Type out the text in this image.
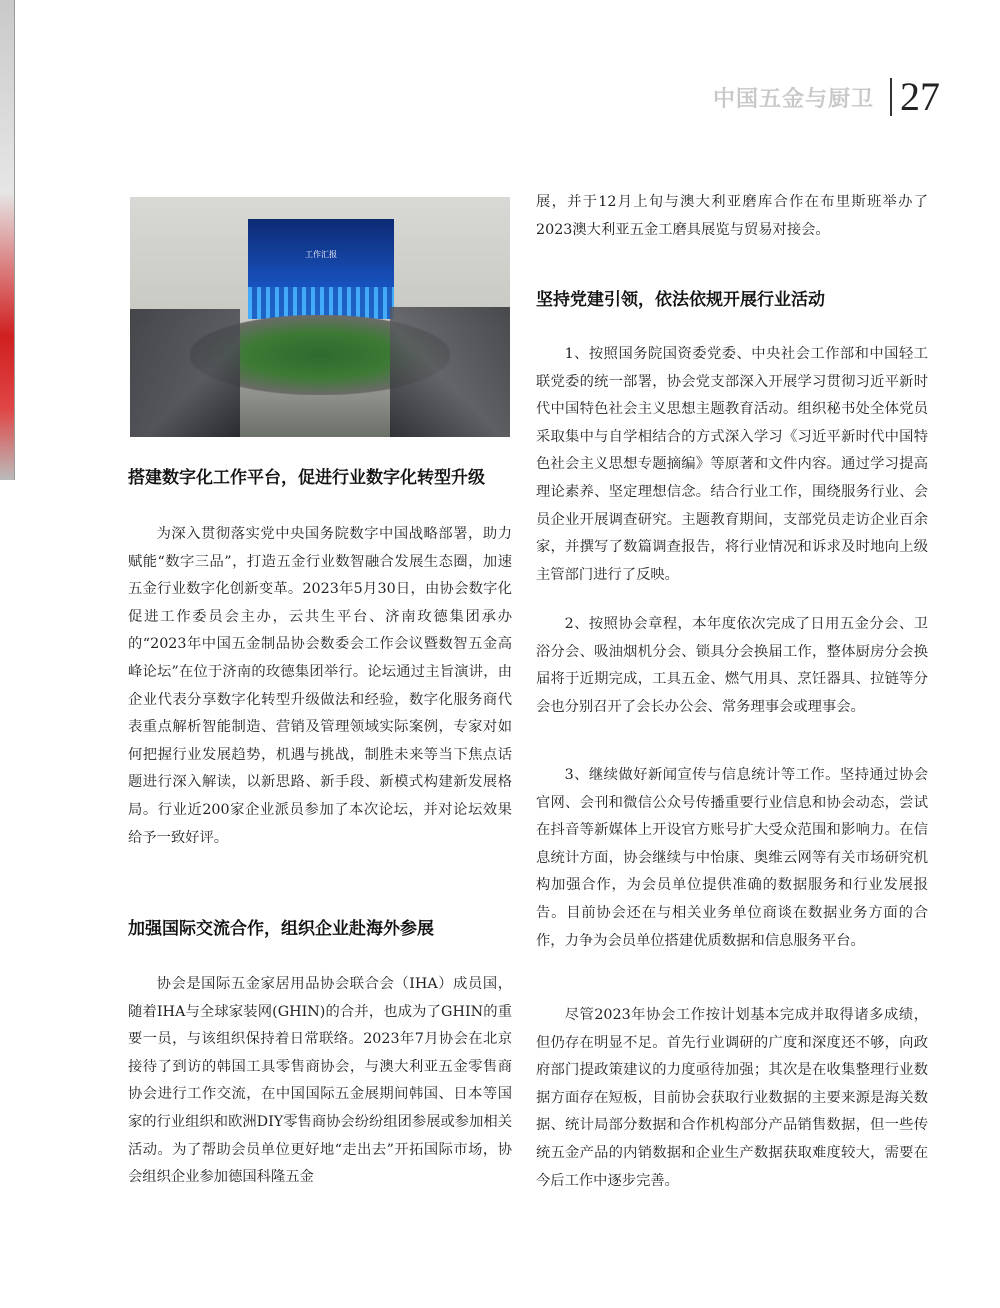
中国五金与厨卫 27
工作汇报
搭建数字化工作平台，促进行业数字化转型升级

为深入贯彻落实党中央国务院数字中国战略部署，助力赋能“数字三品”，打造五金行业数智融合发展生态圈，加速五金行业数字化创新变革。2023年5月30日，由协会数字化促进工作委员会主办，云共生平台、济南玫德集团承办的“2023年中国五金制品协会数委会工作会议暨数智五金高峰论坛”在位于济南的玫德集团举行。论坛通过主旨演讲，由企业代表分享数字化转型升级做法和经验，数字化服务商代表重点解析智能制造、营销及管理领域实际案例，专家对如何把握行业发展趋势，机遇与挑战，制胜未来等当下焦点话题进行深入解读，以新思路、新手段、新模式构建新发展格局。行业近200家企业派员参加了本次论坛，并对论坛效果给予一致好评。

加强国际交流合作，组织企业赴海外参展

协会是国际五金家居用品协会联合会（IHA）成员国，随着IHA与全球家装网(GHIN)的合并，也成为了GHIN的重要一员，与该组织保持着日常联络。2023年7月协会在北京接待了到访的韩国工具零售商协会，与澳大利亚五金零售商协会进行工作交流，在中国国际五金展期间韩国、日本等国家的行业组织和欧洲DIY零售商协会纷纷组团参展或参加相关活动。为了帮助会员单位更好地“走出去”开拓国际市场，协会组织企业参加德国科隆五金

展，并于12月上旬与澳大利亚磨库合作在布里斯班举办了2023澳大利亚五金工磨具展览与贸易对接会。

坚持党建引领，依法依规开展行业活动

1、按照国务院国资委党委、中央社会工作部和中国轻工联党委的统一部署，协会党支部深入开展学习贯彻习近平新时代中国特色社会主义思想主题教育活动。组织秘书处全体党员采取集中与自学相结合的方式深入学习《习近平新时代中国特色社会主义思想专题摘编》等原著和文件内容。通过学习提高理论素养、坚定理想信念。结合行业工作，围绕服务行业、会员企业开展调查研究。主题教育期间，支部党员走访企业百余家，并撰写了数篇调查报告，将行业情况和诉求及时地向上级主管部门进行了反映。

2、按照协会章程，本年度依次完成了日用五金分会、卫浴分会、吸油烟机分会、锁具分会换届工作，整体厨房分会换届将于近期完成，工具五金、燃气用具、烹饪器具、拉链等分会也分别召开了会长办公会、常务理事会或理事会。

3、继续做好新闻宣传与信息统计等工作。坚持通过协会官网、会刊和微信公众号传播重要行业信息和协会动态，尝试在抖音等新媒体上开设官方账号扩大受众范围和影响力。在信息统计方面，协会继续与中怡康、奥维云网等有关市场研究机构加强合作，为会员单位提供准确的数据服务和行业发展报告。目前协会还在与相关业务单位商谈在数据业务方面的合作，力争为会员单位搭建优质数据和信息服务平台。

尽管2023年协会工作按计划基本完成并取得诸多成绩，但仍存在明显不足。首先行业调研的广度和深度还不够，向政府部门提政策建议的力度亟待加强；其次是在收集整理行业数据方面存在短板，目前协会获取行业数据的主要来源是海关数据、统计局部分数据和合作机构部分产品销售数据，但一些传统五金产品的内销数据和企业生产数据获取难度较大，需要在今后工作中逐步完善。
